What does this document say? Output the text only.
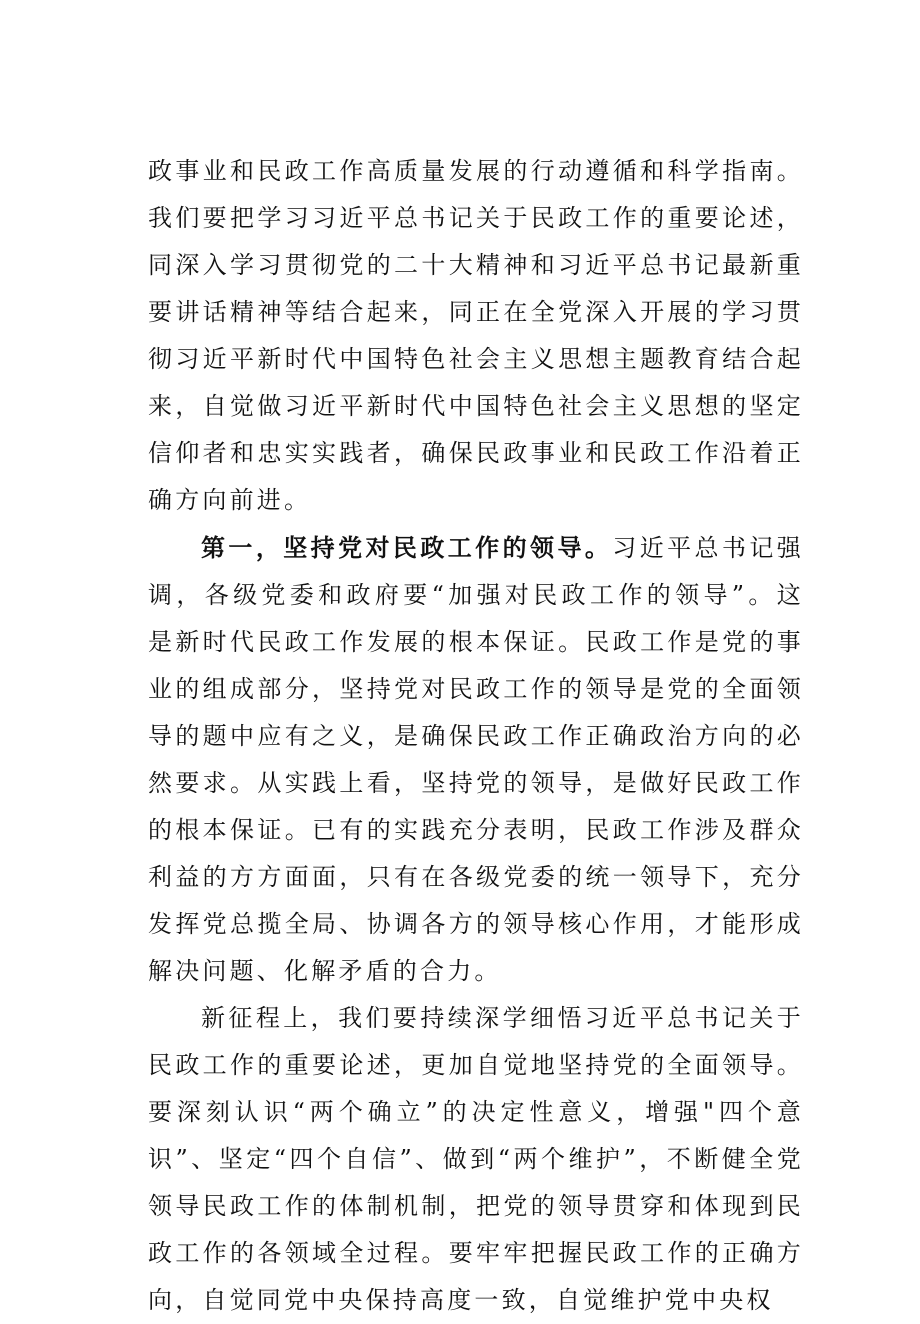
政事业和民政工作高质量发展的行动遵循和科学指南。我们要把学习习近平总书记关于民政工作的重要论述，同深入学习贯彻党的二十大精神和习近平总书记最新重要讲话精神等结合起来，同正在全党深入开展的学习贯彻习近平新时代中国特色社会主义思想主题教育结合起来，自觉做习近平新时代中国特色社会主义思想的坚定信仰者和忠实实践者，确保民政事业和民政工作沿着正确方向前进。

第一，坚持党对民政工作的领导。习近平总书记强调，各级党委和政府要“加强对民政工作的领导”。这是新时代民政工作发展的根本保证。民政工作是党的事业的组成部分，坚持党对民政工作的领导是党的全面领导的题中应有之义，是确保民政工作正确政治方向的必然要求。从实践上看，坚持党的领导，是做好民政工作的根本保证。已有的实践充分表明，民政工作涉及群众利益的方方面面，只有在各级党委的统一领导下，充分发挥党总揽全局、协调各方的领导核心作用，才能形成解决问题、化解矛盾的合力。

新征程上，我们要持续深学细悟习近平总书记关于民政工作的重要论述，更加自觉地坚持党的全面领导。要深刻认识“两个确立”的决定性意义，增强"四个意识”、坚定“四个自信”、做到“两个维护”，不断健全党领导民政工作的体制机制，把党的领导贯穿和体现到民政工作的各领域全过程。要牢牢把握民政工作的正确方向，自觉同党中央保持高度一致，自觉维护党中央权
